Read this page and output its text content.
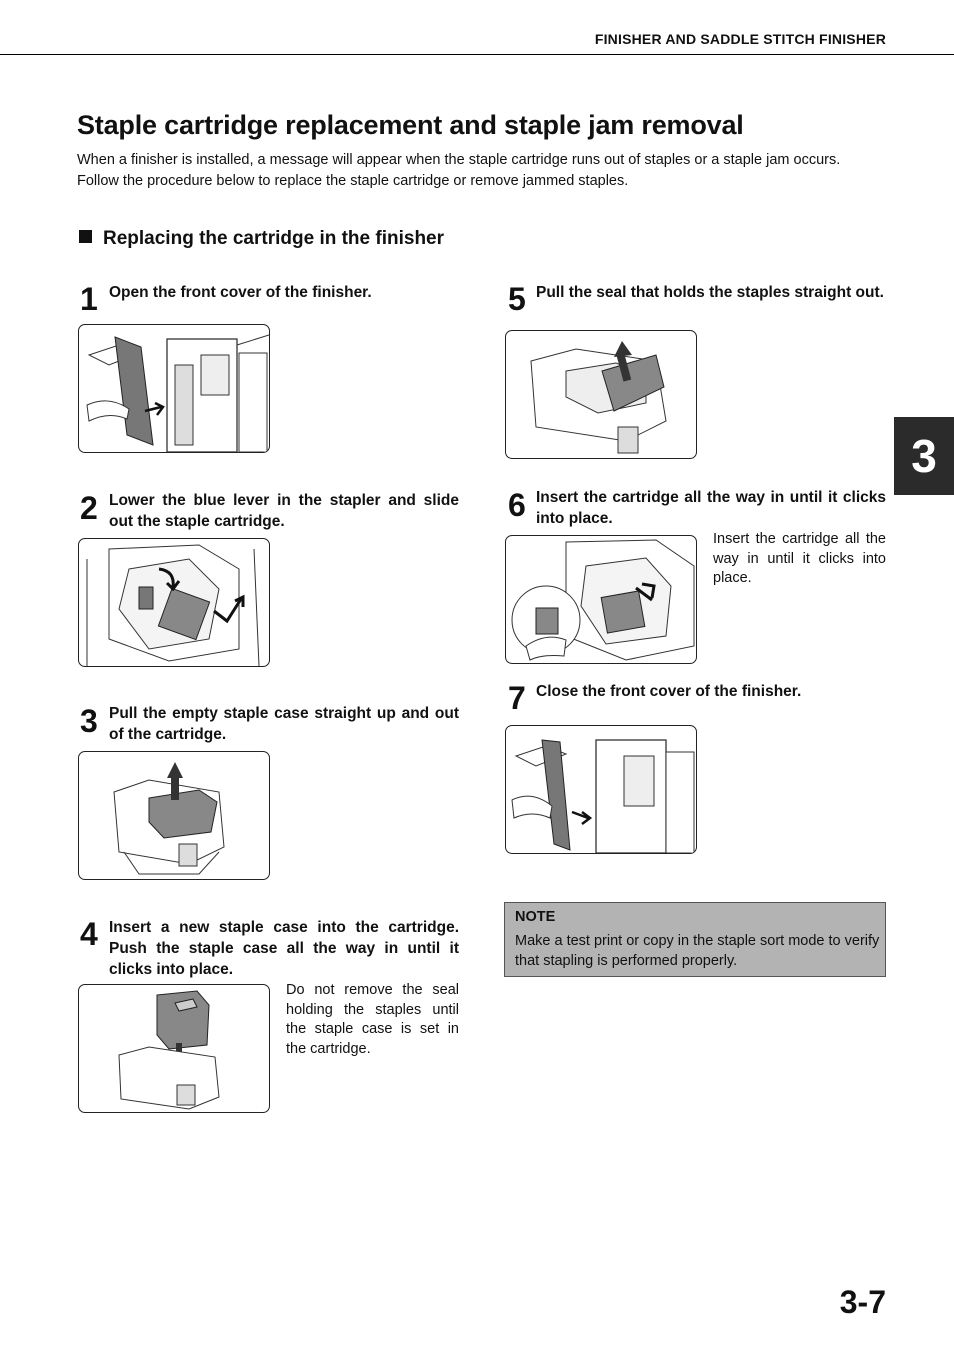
FINISHER AND SADDLE STITCH FINISHER
Staple cartridge replacement and staple jam removal

When a finisher is installed, a message will appear when the staple cartridge runs out of staples or a staple jam occurs.

Follow the procedure below to replace the staple cartridge or remove jammed staples.

Replacing the cartridge in the finisher
1 Open the front cover of the finisher.
2 Lower the blue lever in the stapler and slide out the staple cartridge.
3 Pull the empty staple case straight up and out of the cartridge.
4 Insert a new staple case into the cartridge. Push the staple case all the way in until it clicks into place.
Do not remove the seal holding the staples until the staple case is set in the cartridge.
5 Pull the seal that holds the staples straight out.
6 Insert the cartridge all the way in until it clicks into place.
Insert the cartridge all the way in until it clicks into place.
7 Close the front cover of the finisher.
NOTE
Make a test print or copy in the staple sort mode to verify that stapling is performed properly.
3
3-7
